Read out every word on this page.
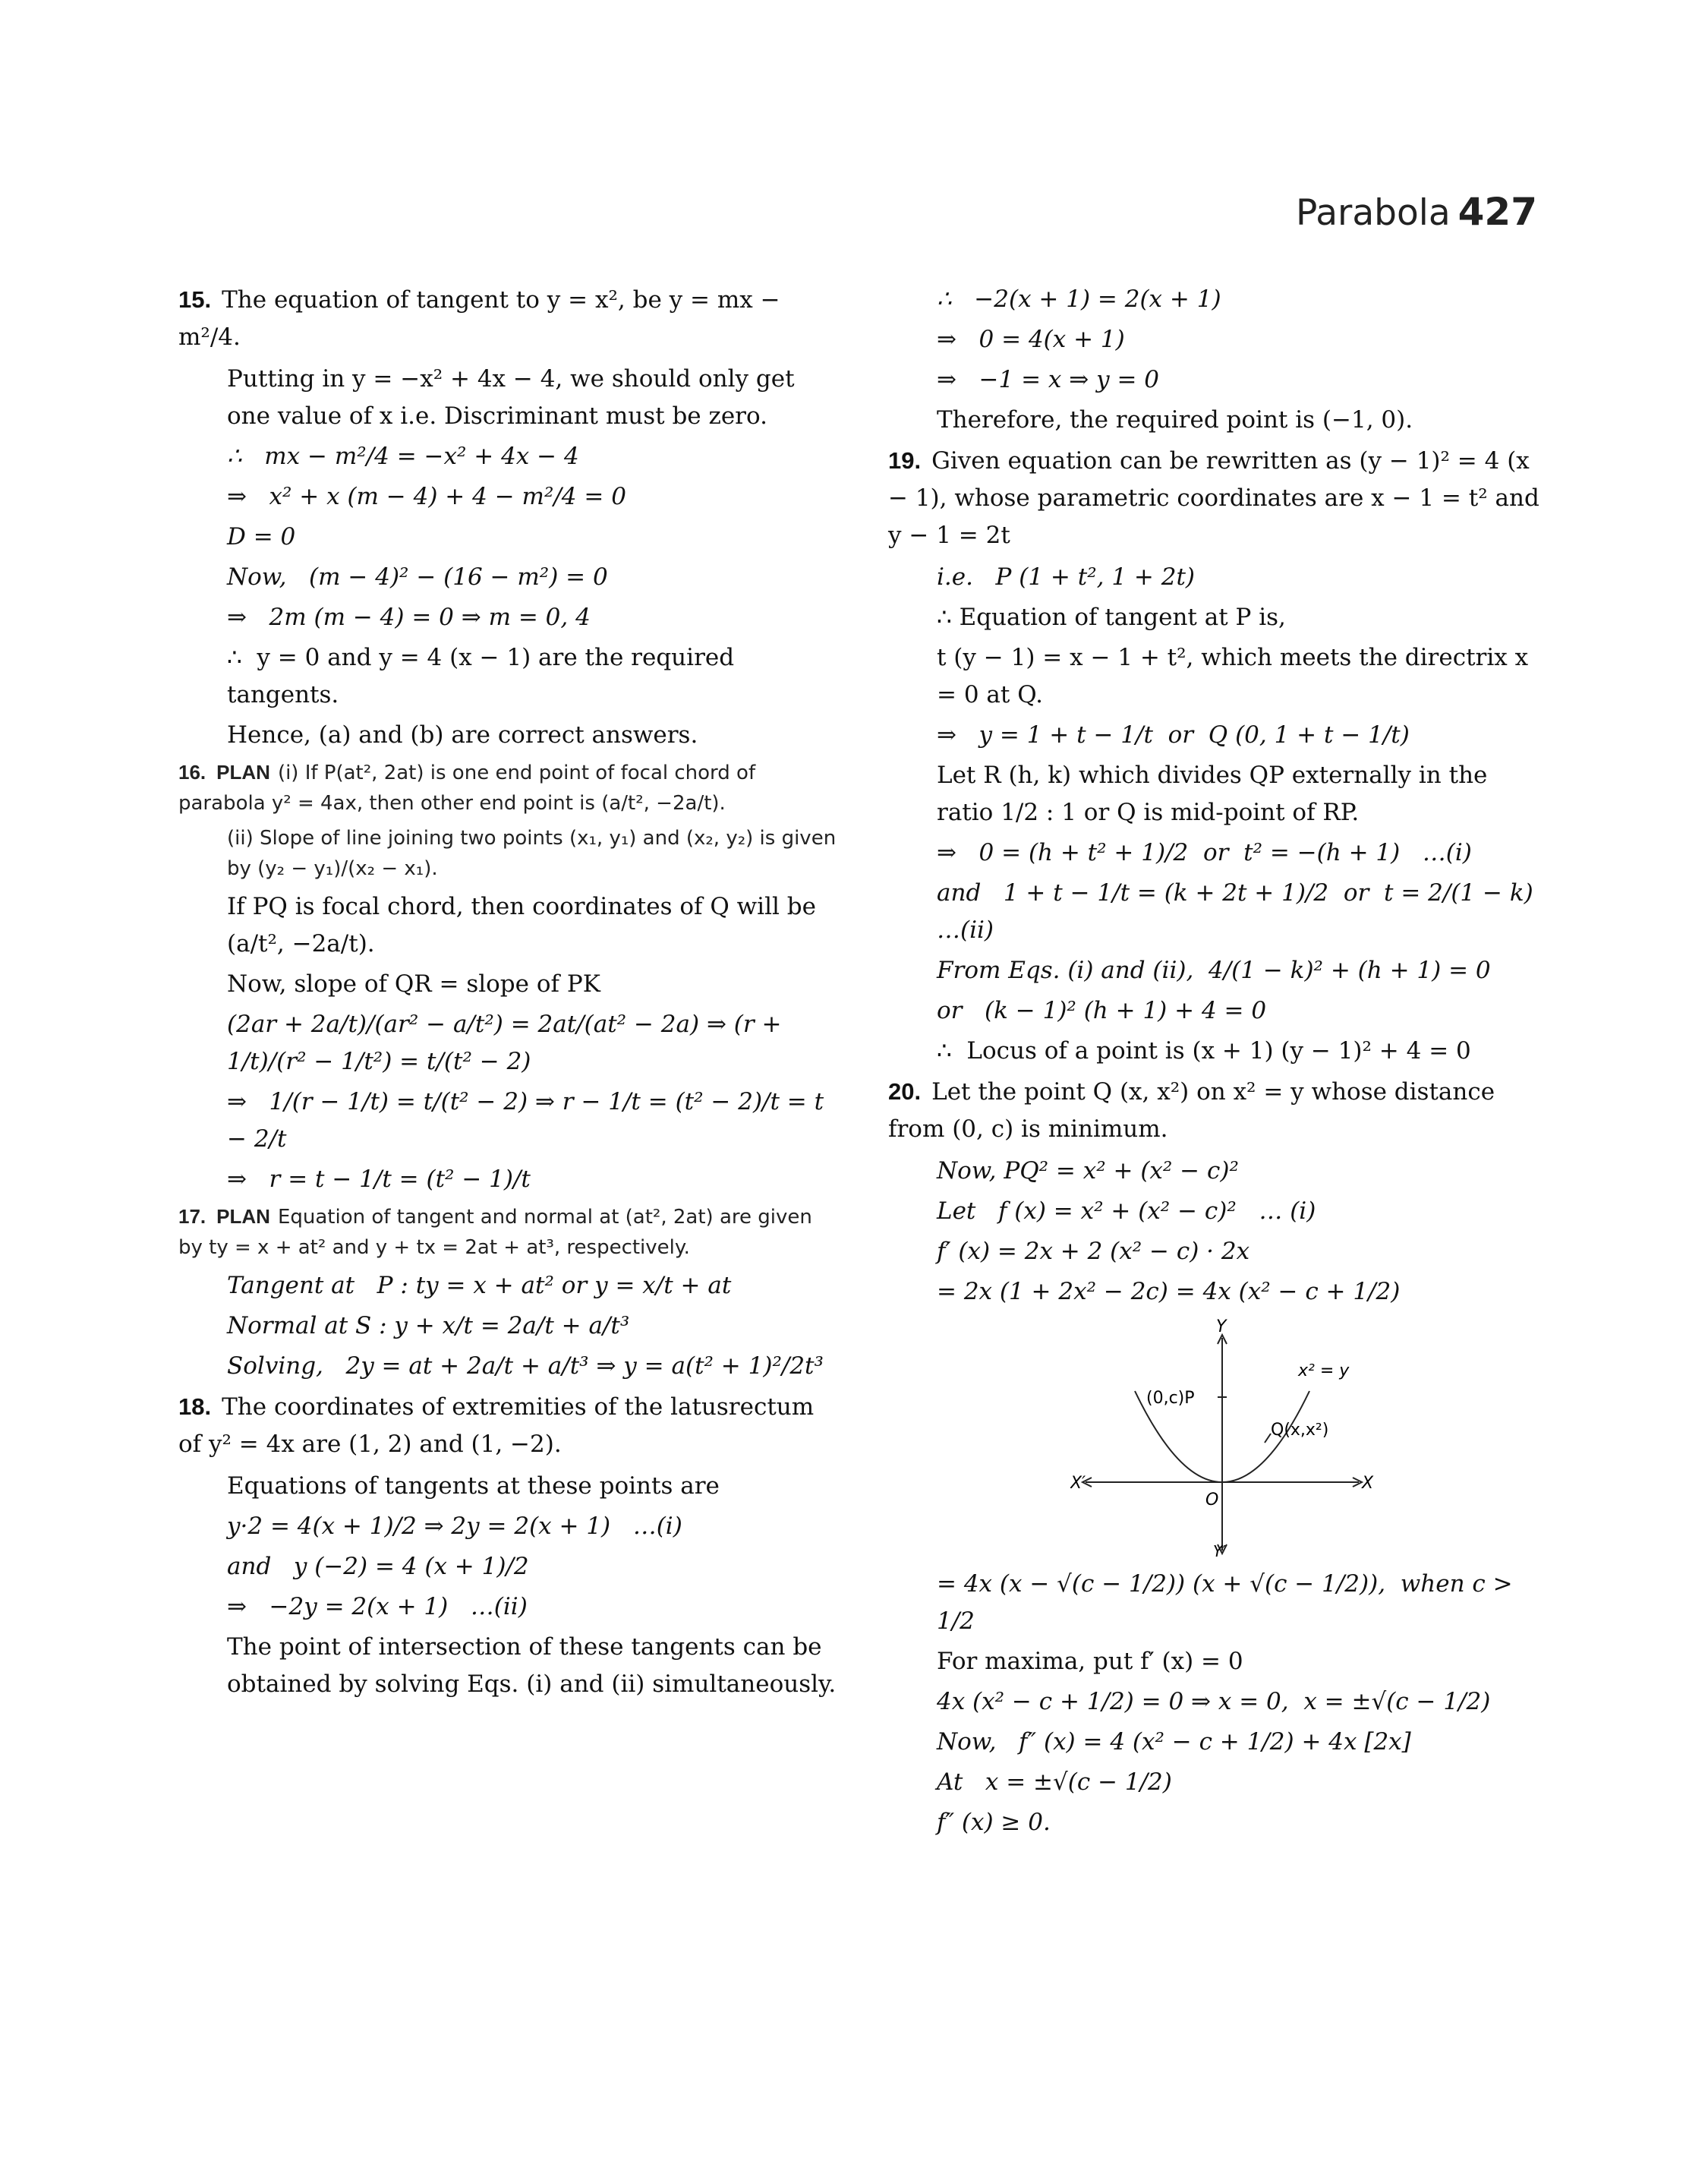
Parabola 427
15. The equation of tangent to y = x², be y = mx − m²/4.
Putting in y = −x² + 4x − 4, we should only get one value of x i.e. Discriminant must be zero.
∴   mx − m²/4 = −x² + 4x − 4
⇒   x² + x (m − 4) + 4 − m²/4 = 0
D = 0
Now,   (m − 4)² − (16 − m²) = 0
⇒   2m (m − 4) = 0 ⇒ m = 0, 4
∴  y = 0 and y = 4 (x − 1) are the required tangents.
Hence, (a) and (b) are correct answers.
16. PLAN (i) If P(at², 2at) is one end point of focal chord of parabola y² = 4ax, then other end point is (a/t², −2a/t).
(ii) Slope of line joining two points (x₁, y₁) and (x₂, y₂) is given by (y₂ − y₁)/(x₂ − x₁).
If PQ is focal chord, then coordinates of Q will be (a/t², −2a/t).
Now, slope of QR = slope of PK
(2ar + 2a/t)/(ar² − a/t²) = 2at/(at² − 2a) ⇒ (r + 1/t)/(r² − 1/t²) = t/(t² − 2)
⇒   1/(r − 1/t) = t/(t² − 2) ⇒ r − 1/t = (t² − 2)/t = t − 2/t
⇒   r = t − 1/t = (t² − 1)/t
17. PLAN Equation of tangent and normal at (at², 2at) are given by ty = x + at² and y + tx = 2at + at³, respectively.
Tangent at   P : ty = x + at² or y = x/t + at
Normal at S : y + x/t = 2a/t + a/t³
Solving,   2y = at + 2a/t + a/t³ ⇒ y = a(t² + 1)²/2t³
18. The coordinates of extremities of the latusrectum of y² = 4x are (1, 2) and (1, −2).
Equations of tangents at these points are
y·2 = 4(x + 1)/2 ⇒ 2y = 2(x + 1)   …(i)
and   y (−2) = 4 (x + 1)/2
⇒   −2y = 2(x + 1)   …(ii)
The point of intersection of these tangents can be obtained by solving Eqs. (i) and (ii) simultaneously.
∴   −2(x + 1) = 2(x + 1)
⇒   0 = 4(x + 1)
⇒   −1 = x ⇒ y = 0
Therefore, the required point is (−1, 0).
19. Given equation can be rewritten as (y − 1)² = 4 (x − 1), whose parametric coordinates are x − 1 = t² and y − 1 = 2t
i.e.   P (1 + t², 1 + 2t)
∴ Equation of tangent at P is,
t (y − 1) = x − 1 + t², which meets the directrix x = 0 at Q.
⇒   y = 1 + t − 1/t  or  Q (0, 1 + t − 1/t)
Let R (h, k) which divides QP externally in the ratio 1/2 : 1 or Q is mid-point of RP.
⇒   0 = (h + t² + 1)/2  or  t² = −(h + 1)   …(i)
and   1 + t − 1/t = (k + 2t + 1)/2  or  t = 2/(1 − k)   …(ii)
From Eqs. (i) and (ii),  4/(1 − k)² + (h + 1) = 0
or   (k − 1)² (h + 1) + 4 = 0
∴  Locus of a point is (x + 1) (y − 1)² + 4 = 0
20. Let the point Q (x, x²) on x² = y whose distance from (0, c) is minimum.
Now, PQ² = x² + (x² − c)²
Let   f (x) = x² + (x² − c)²   … (i)
f′ (x) = 2x + 2 (x² − c) · 2x
= 2x (1 + 2x² − 2c) = 4x (x² − c + 1/2)
Y
Y′
X
X′
O
x² = y
(0,c)P
Q(x,x²)
= 4x (x − √(c − 1/2)) (x + √(c − 1/2)),  when c > 1/2
For maxima, put f′ (x) = 0
4x (x² − c + 1/2) = 0 ⇒ x = 0,  x = ±√(c − 1/2)
Now,   f″ (x) = 4 (x² − c + 1/2) + 4x [2x]
At   x = ±√(c − 1/2)
f″ (x) ≥ 0.
